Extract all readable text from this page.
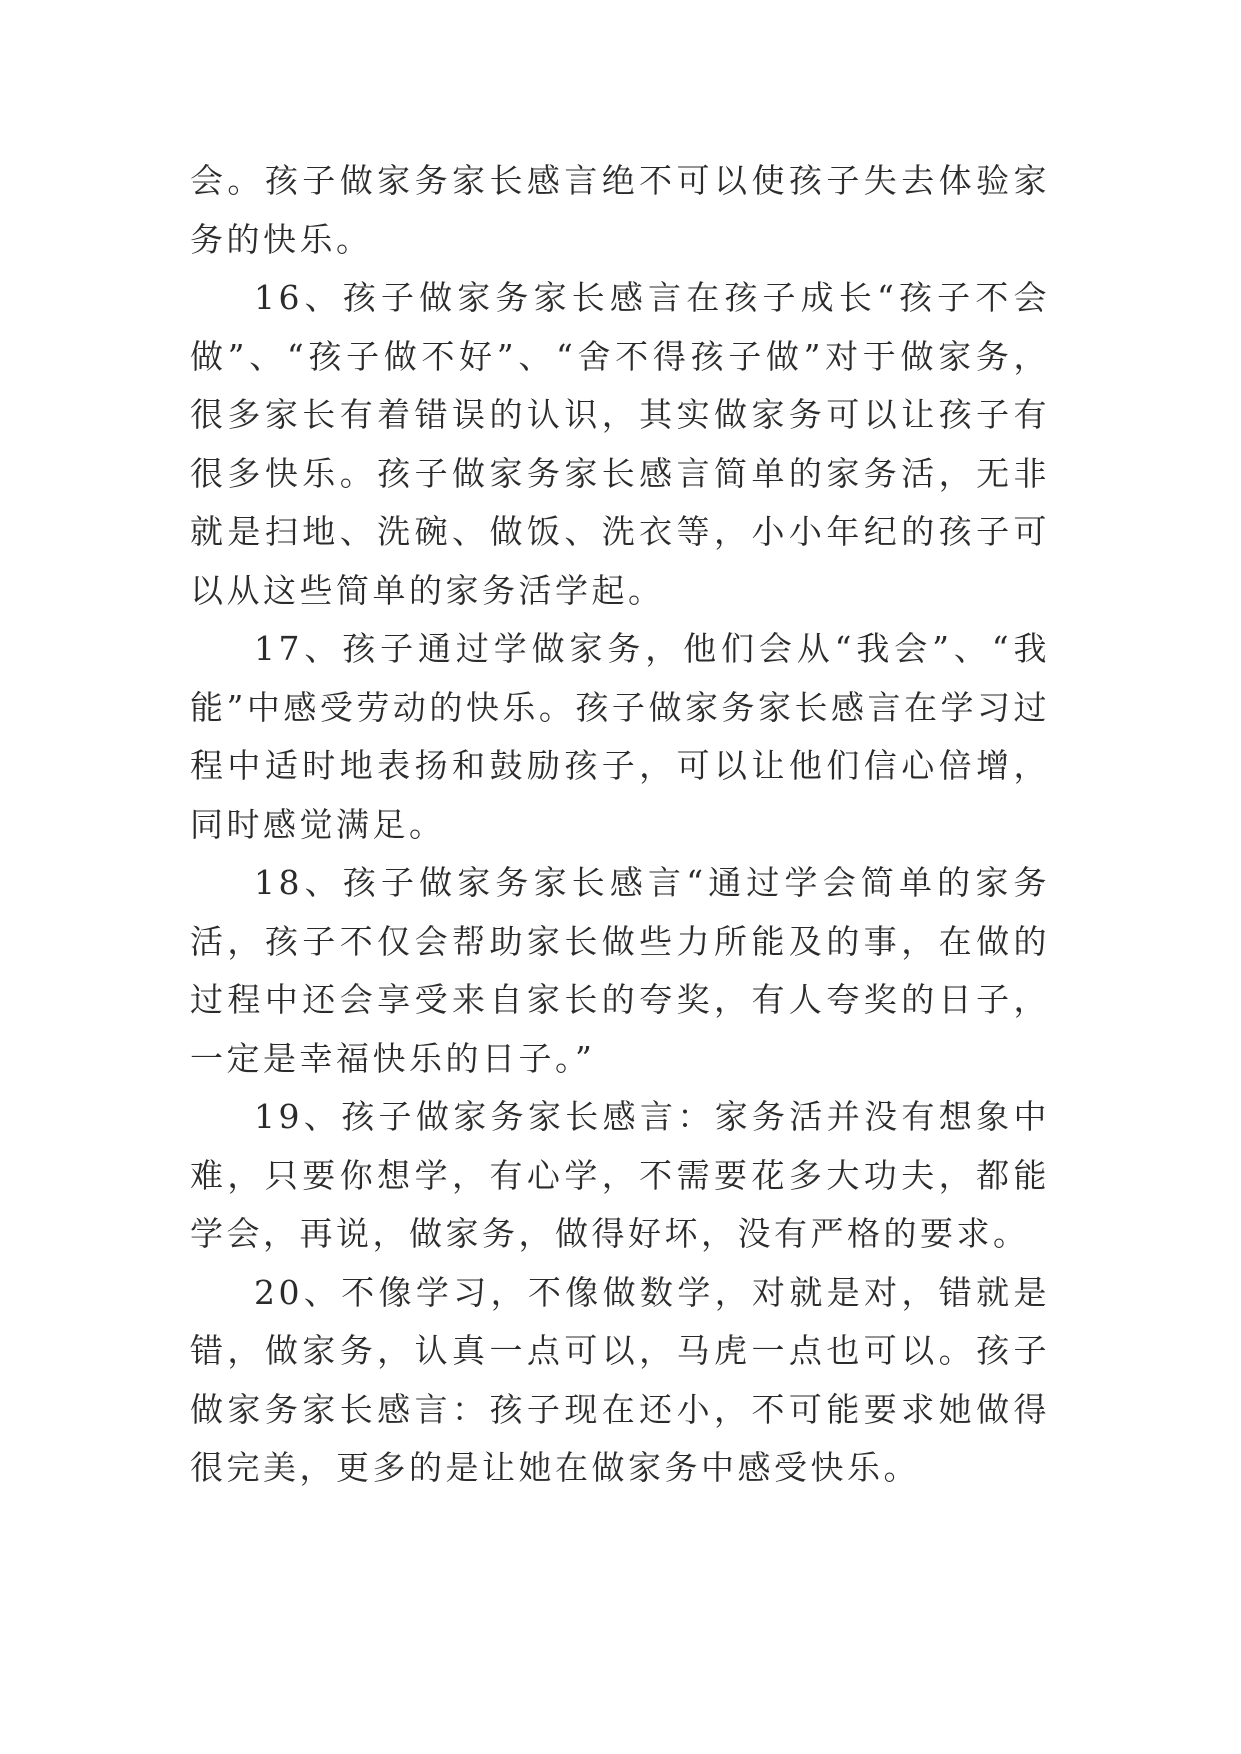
会。孩子做家务家长感言绝不可以使孩子失去体验家务的快乐。

16、孩子做家务家长感言在孩子成长“孩子不会做”、“孩子做不好”、“舍不得孩子做”对于做家务，很多家长有着错误的认识，其实做家务可以让孩子有很多快乐。孩子做家务家长感言简单的家务活，无非就是扫地、洗碗、做饭、洗衣等，小小年纪的孩子可以从这些简单的家务活学起。

17、孩子通过学做家务，他们会从“我会”、“我能”中感受劳动的快乐。孩子做家务家长感言在学习过程中适时地表扬和鼓励孩子，可以让他们信心倍增，同时感觉满足。

18、孩子做家务家长感言“通过学会简单的家务活，孩子不仅会帮助家长做些力所能及的事，在做的过程中还会享受来自家长的夸奖，有人夸奖的日子，一定是幸福快乐的日子。”

19、孩子做家务家长感言：家务活并没有想象中难，只要你想学，有心学，不需要花多大功夫，都能学会，再说，做家务，做得好坏，没有严格的要求。

20、不像学习，不像做数学，对就是对，错就是错，做家务，认真一点可以，马虎一点也可以。孩子做家务家长感言：孩子现在还小，不可能要求她做得很完美，更多的是让她在做家务中感受快乐。
